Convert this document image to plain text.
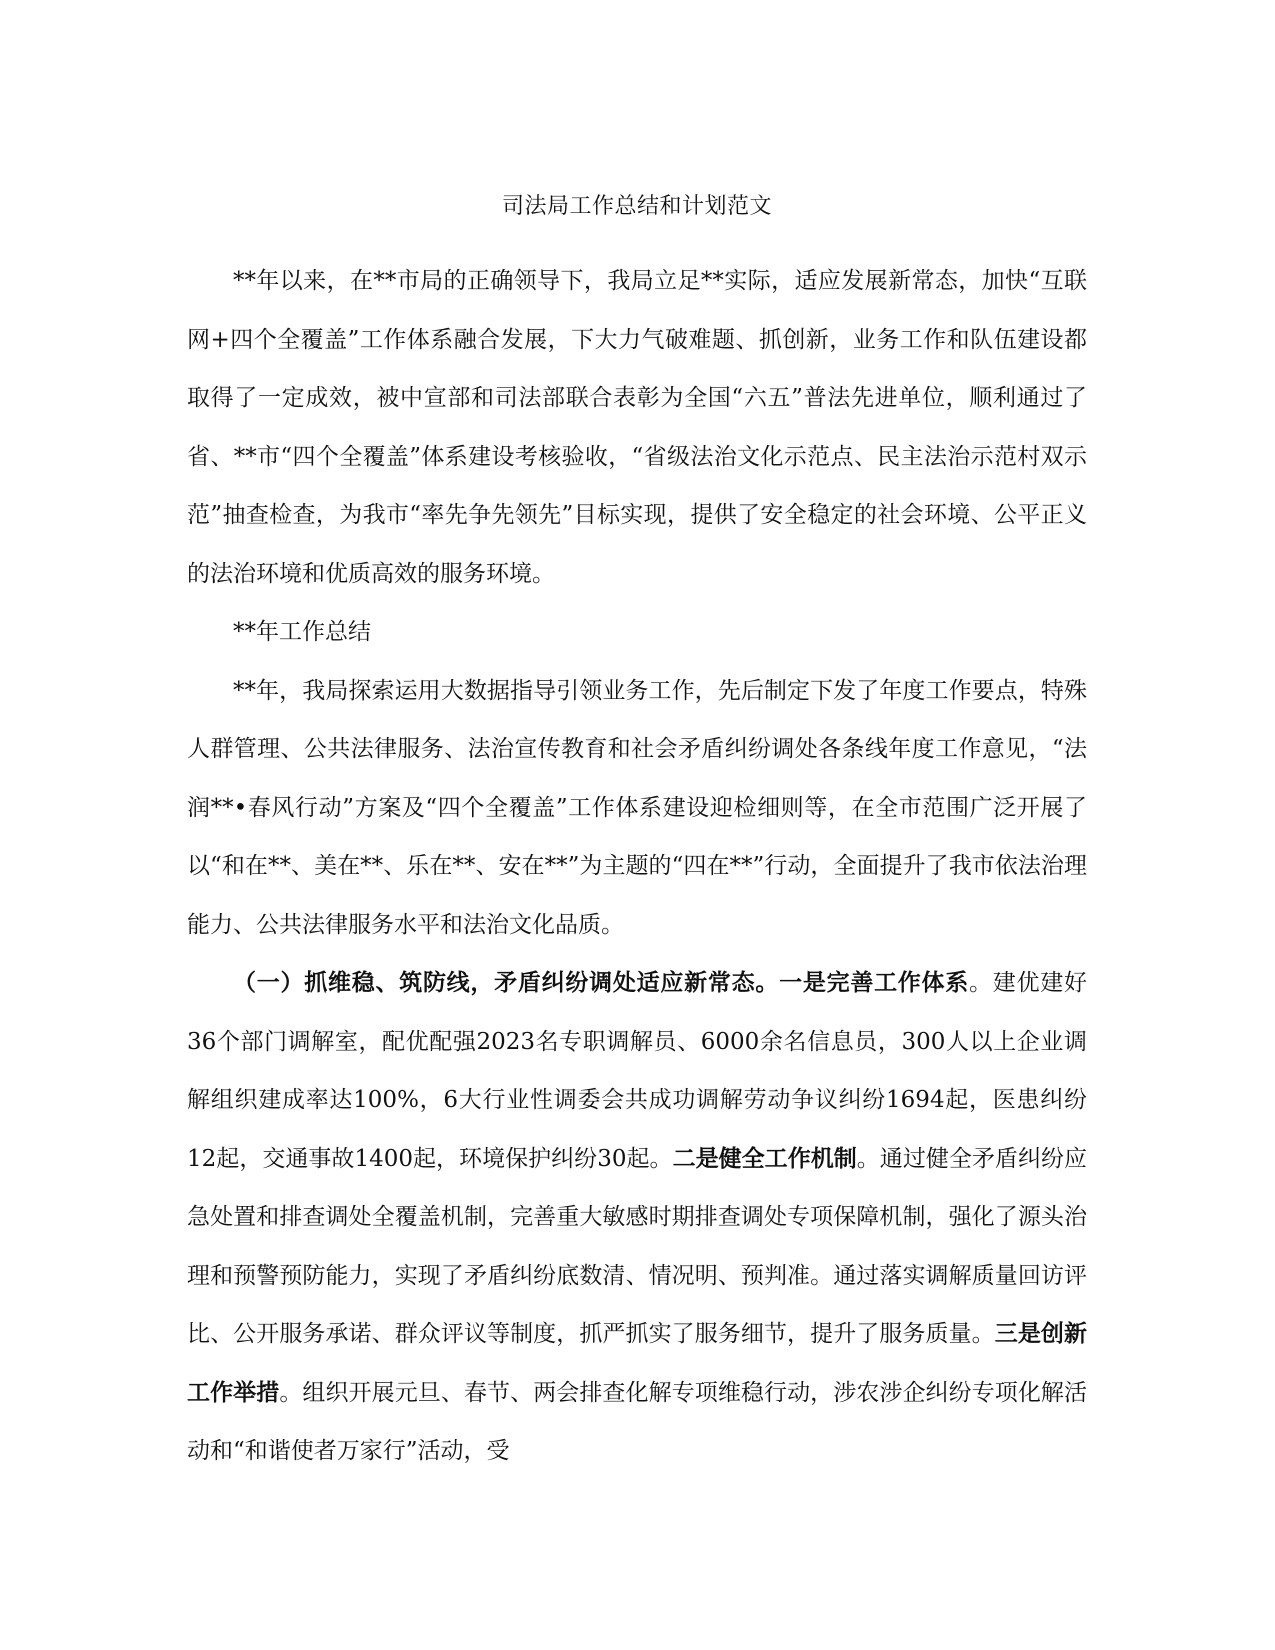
司法局工作总结和计划范文

**年以来，在**市局的正确领导下，我局立足**实际，适应发展新常态，加快“互联网+四个全覆盖”工作体系融合发展，下大力气破难题、抓创新，业务工作和队伍建设都取得了一定成效，被中宣部和司法部联合表彰为全国“六五”普法先进单位，顺利通过了省、**市“四个全覆盖”体系建设考核验收，“省级法治文化示范点、民主法治示范村双示范”抽查检查，为我市“率先争先领先”目标实现，提供了安全稳定的社会环境、公平正义的法治环境和优质高效的服务环境。

**年工作总结

**年，我局探索运用大数据指导引领业务工作，先后制定下发了年度工作要点，特殊人群管理、公共法律服务、法治宣传教育和社会矛盾纠纷调处各条线年度工作意见，“法润**•春风行动”方案及“四个全覆盖”工作体系建设迎检细则等，在全市范围广泛开展了以“和在**、美在**、乐在**、安在**”为主题的“四在**”行动，全面提升了我市依法治理能力、公共法律服务水平和法治文化品质。

（一）抓维稳、筑防线，矛盾纠纷调处适应新常态。一是完善工作体系。建优建好36个部门调解室，配优配强2023名专职调解员、6000余名信息员，300人以上企业调解组织建成率达100%，6大行业性调委会共成功调解劳动争议纠纷1694起，医患纠纷12起，交通事故1400起，环境保护纠纷30起。二是健全工作机制。通过健全矛盾纠纷应急处置和排查调处全覆盖机制，完善重大敏感时期排查调处专项保障机制，强化了源头治理和预警预防能力，实现了矛盾纠纷底数清、情况明、预判准。通过落实调解质量回访评比、公开服务承诺、群众评议等制度，抓严抓实了服务细节，提升了服务质量。三是创新工作举措。组织开展元旦、春节、两会排查化解专项维稳行动，涉农涉企纠纷专项化解活动和“和谐使者万家行”活动，受
